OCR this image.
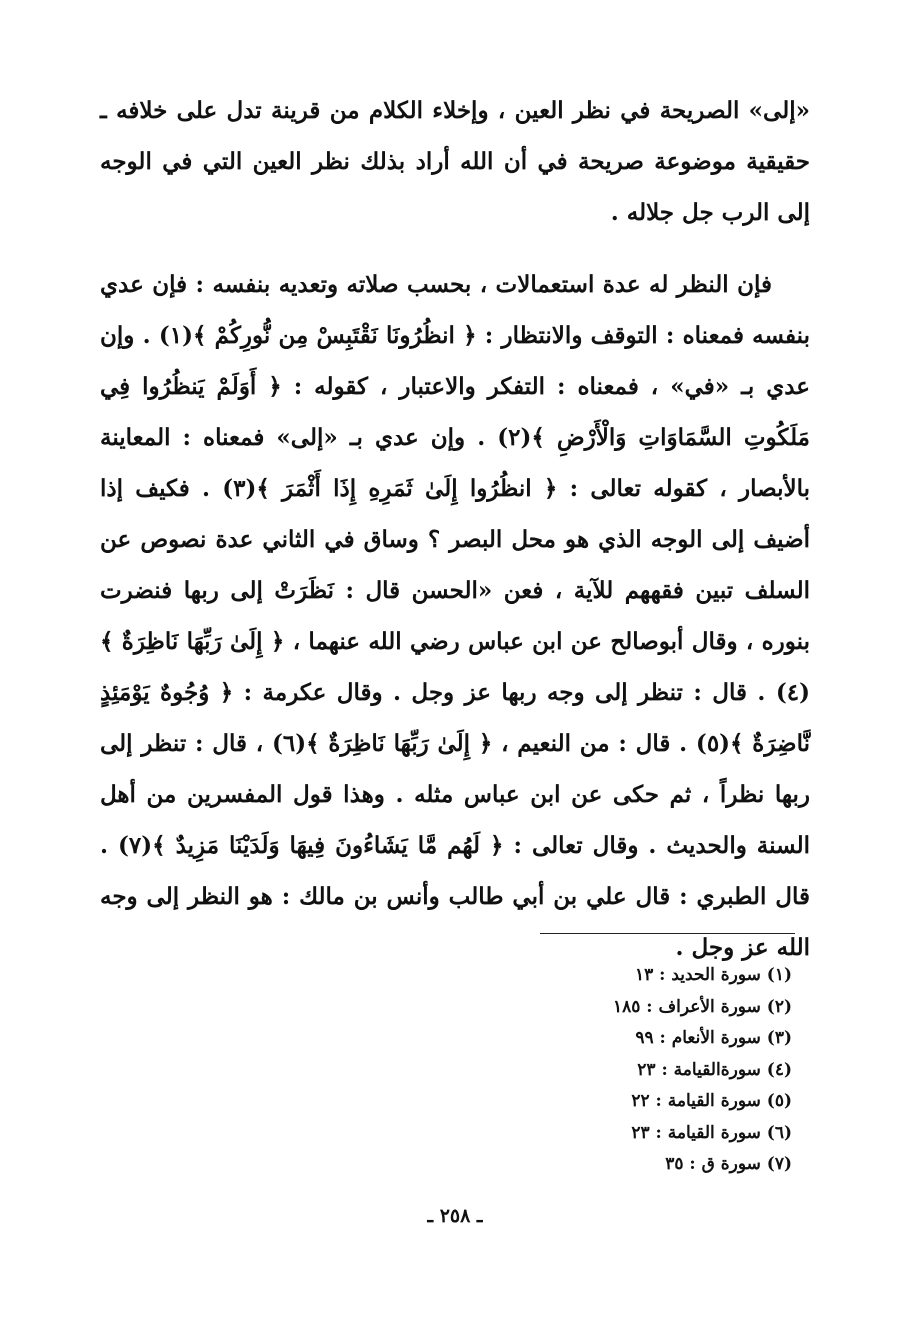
«إلى» الصريحة في نظر العين ، وإخلاء الكلام من قرينة تدل على خلافه ـ حقيقية موضوعة صريحة في أن الله أراد بذلك نظر العين التي في الوجه إلى الرب جل جلاله .

فإن النظر له عدة استعمالات ، بحسب صلاته وتعديه بنفسه : فإن عدي بنفسه فمعناه : التوقف والانتظار : ﴿ انظُرُونَا نَقْتَبِسْ مِن نُّورِكُمْ ﴾(١) . وإن عدي بـ «في» ، فمعناه : التفكر والاعتبار ، كقوله : ﴿ أَوَلَمْ يَنظُرُوا فِي مَلَكُوتِ السَّمَاوَاتِ وَالْأَرْضِ ﴾(٢) . وإن عدي بـ «إلى» فمعناه : المعاينة بالأبصار ، كقوله تعالى : ﴿ انظُرُوا إِلَىٰ ثَمَرِهِ إِذَا أَثْمَرَ ﴾(٣) . فكيف إذا أضيف إلى الوجه الذي هو محل البصر ؟ وساق في الثاني عدة نصوص عن السلف تبين فقههم للآية ، فعن «الحسن قال : نَظَرَتْ إلى ربها فنضرت بنوره ، وقال أبوصالح عن ابن عباس رضي الله عنهما ، ﴿ إِلَىٰ رَبِّهَا نَاظِرَةٌ ﴾(٤) . قال : تنظر إلى وجه ربها عز وجل . وقال عكرمة : ﴿ وُجُوهٌ يَوْمَئِذٍ نَّاضِرَةٌ ﴾(٥) . قال : من النعيم ، ﴿ إِلَىٰ رَبِّهَا نَاظِرَةٌ ﴾(٦) ، قال : تنظر إلى ربها نظراً ، ثم حكى عن ابن عباس مثله . وهذا قول المفسرين من أهل السنة والحديث . وقال تعالى : ﴿ لَهُم مَّا يَشَاءُونَ فِيهَا وَلَدَيْنَا مَزِيدٌ ﴾(٧) . قال الطبري : قال علي بن أبي طالب وأنس بن مالك : هو النظر إلى وجه الله عز وجل .

(١) سورة الحديد : ١٣
(٢) سورة الأعراف : ١٨٥
(٣) سورة الأنعام : ٩٩
(٤) سورةالقيامة : ٢٣
(٥) سورة القيامة : ٢٢
(٦) سورة القيامة : ٢٣
(٧) سورة ق : ٣٥
ـ ٢٥٨ ـ
